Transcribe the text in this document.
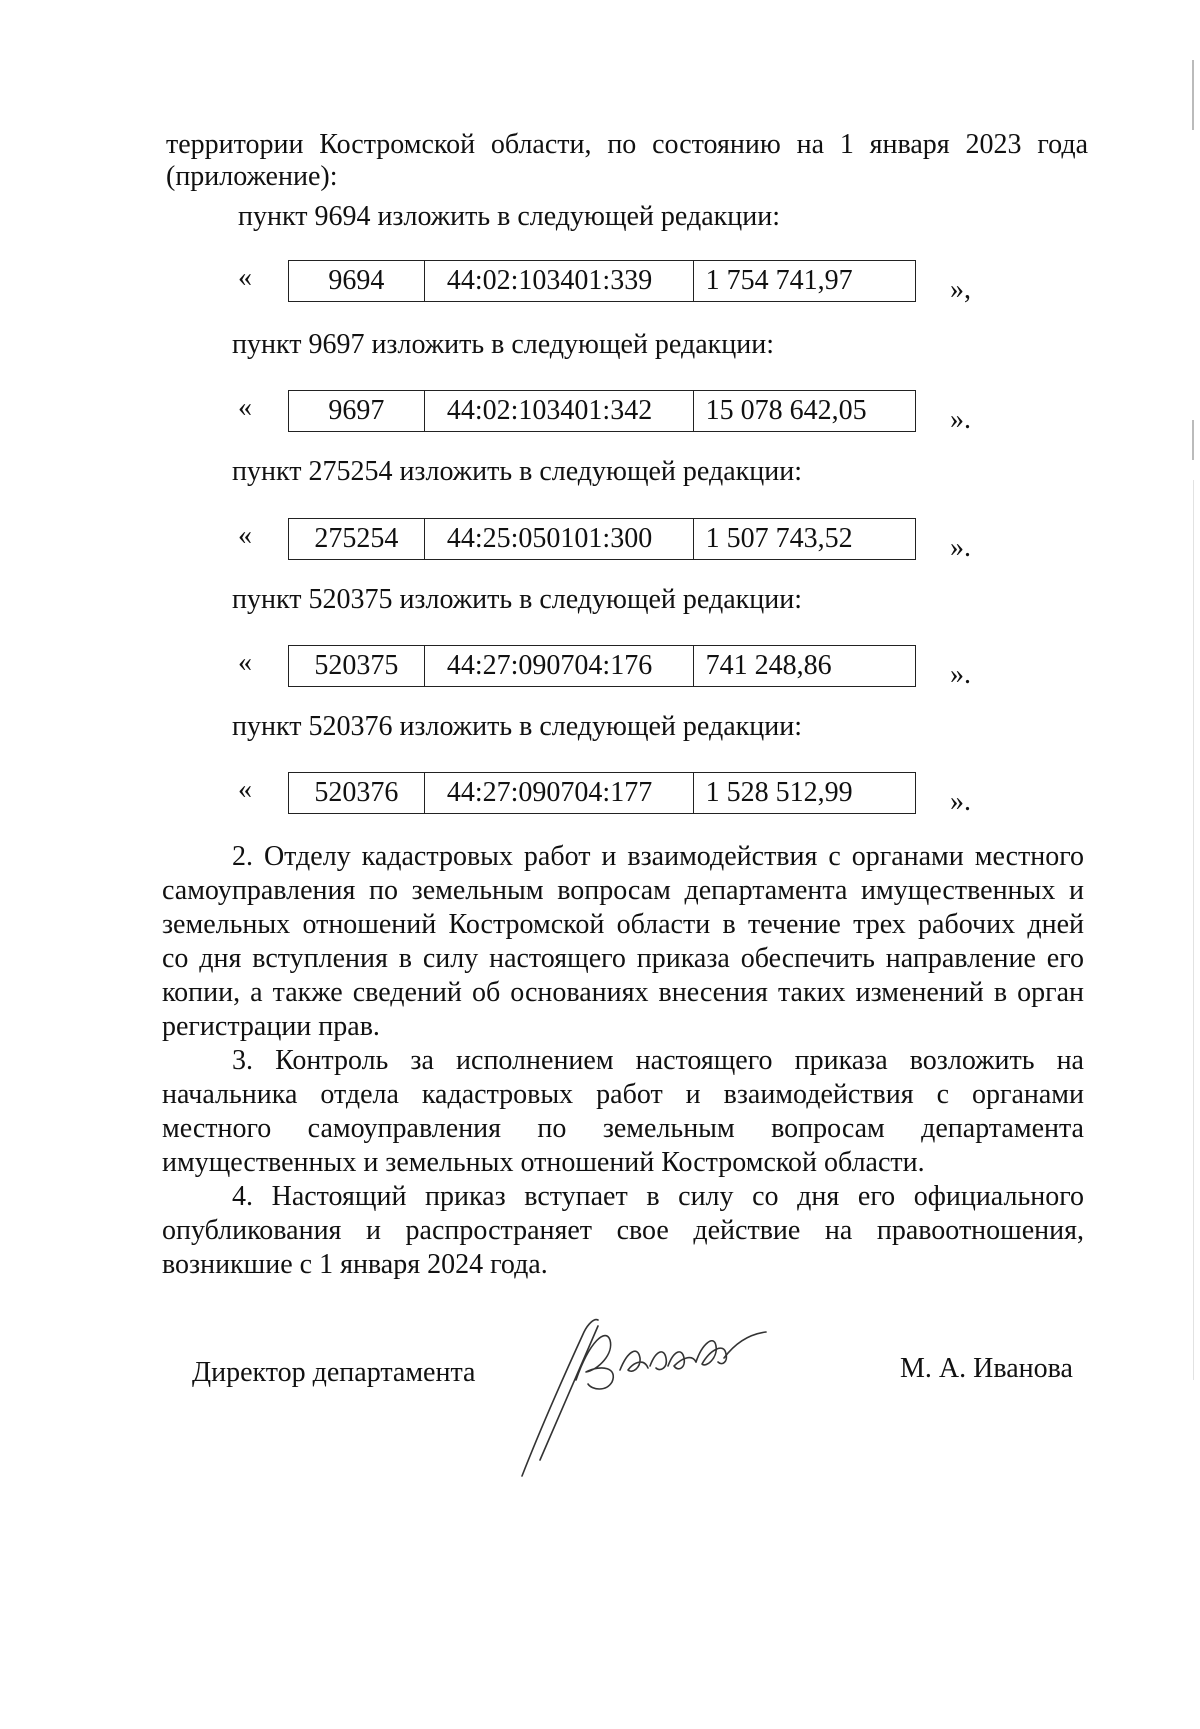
территории Костромской области, по состоянию на 1 января 2023 года
(приложение):
пункт 9694 изложить в следующей редакции:
«	9694	44:02:103401:339	1 754 741,97	»,
пункт 9697 изложить в следующей редакции:
«	9697	44:02:103401:342	15 078 642,05	».
пункт 275254 изложить в следующей редакции:
« 275254	44:25:050101:300	1 507 743,52	».
пункт 520375 изложить в следующей редакции:
« 520375	44:27:090704:176	741 248,86	».
пункт 520376 изложить в следующей редакции:
« 520376	44:27:090704:177	1 528 512,99	».
2. Отделу кадастровых работ и взаимодействия с органами местного
самоуправления по земельным вопросам департамента имущественных и
земельных отношений Костромской области в течение трех рабочих дней
со дня вступления в силу настоящего приказа обеспечить направление его
копии, а также сведений об основаниях внесения таких изменений в орган
регистрации прав.
3. Контроль за исполнением настоящего приказа возложить на
начальника отдела кадастровых работ и взаимодействия с органами
местного самоуправления по земельным вопросам департамента
имущественных и земельных отношений Костромской области.
4. Настоящий приказ вступает в силу со дня его официального
опубликования и распространяет свое действие на правоотношения,
возникшие с 1 января 2024 года.
Директор департамента	М. А. Иванова
